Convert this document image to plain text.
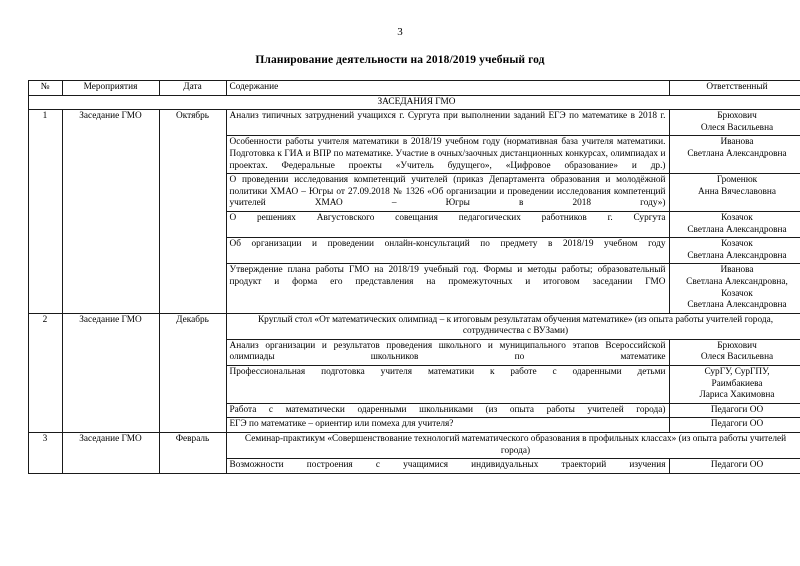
3
Планирование деятельности на 2018/2019 учебный год
№	Мероприятия	Дата	Содержание	Ответственный
ЗАСЕДАНИЯ ГМО				
1	Заседание ГМО	Октябрь	Анализ типичных затруднений учащихся г. Сургута при выполнении заданий ЕГЭ по математике в 2018 г.	Брюхович
Олеся Васильевна

			Особенности работы учителя математики в 2018/19 учебном году (нормативная база учителя математики. Подготовка к ГИА и ВПР по математике. Участие в очных/заочных дистанционных конкурсах, олимпиадах и проектах. Федеральные проекты «Учитель будущего», «Цифровое образование» и др.)	Иванова
Светлана Александровна

			О проведении исследования компетенций учителей (приказ Департамента образования и молодёжной политики ХМАО – Югры от 27.09.2018 № 1326 «Об организации и проведении исследования компетенций учителей ХМАО – Югры в 2018 году»)	Громенюк
Анна Вячеславовна

			О решениях Августовского совещания педагогических работников г. Сургута	Козачок
Светлана Александровна

			Об организации и проведении онлайн-консультаций по предмету в 2018/19 учебном году	Козачок
Светлана Александровна

			Утверждение плана работы ГМО на 2018/19 учебный год. Формы и методы работы; образовательный продукт и форма его представления на промежуточных и итоговом заседании ГМО	Иванова
Светлана Александровна,
Козачок
Светлана Александровна

2	Заседание ГМО	Декабрь	Круглый стол «От математических олимпиад – к итоговым результатам обучения математике» (из опыта работы учителей города, сотрудничества с ВУЗами)	
			Анализ организации и результатов проведения школьного и муниципального этапов Всероссийской олимпиады школьников по математике	Брюхович
Олеся Васильевна

			Профессиональная подготовка учителя математики к работе с одаренными детьми	СурГУ, СурГПУ,
Раимбакиева
Лариса Хакимовна

			Работа с математически одаренными школьниками (из опыта работы учителей города)	Педагоги ОО

			ЕГЭ по математике – ориентир или помеха для учителя?	Педагоги ОО

3	Заседание ГМО	Февраль	Семинар-практикум «Совершенствование технологий математического образования в профильных классах» (из опыта работы учителей города)	
			Возможности построения с учащимися индивидуальных траекторий изучения	Педагоги ОО
